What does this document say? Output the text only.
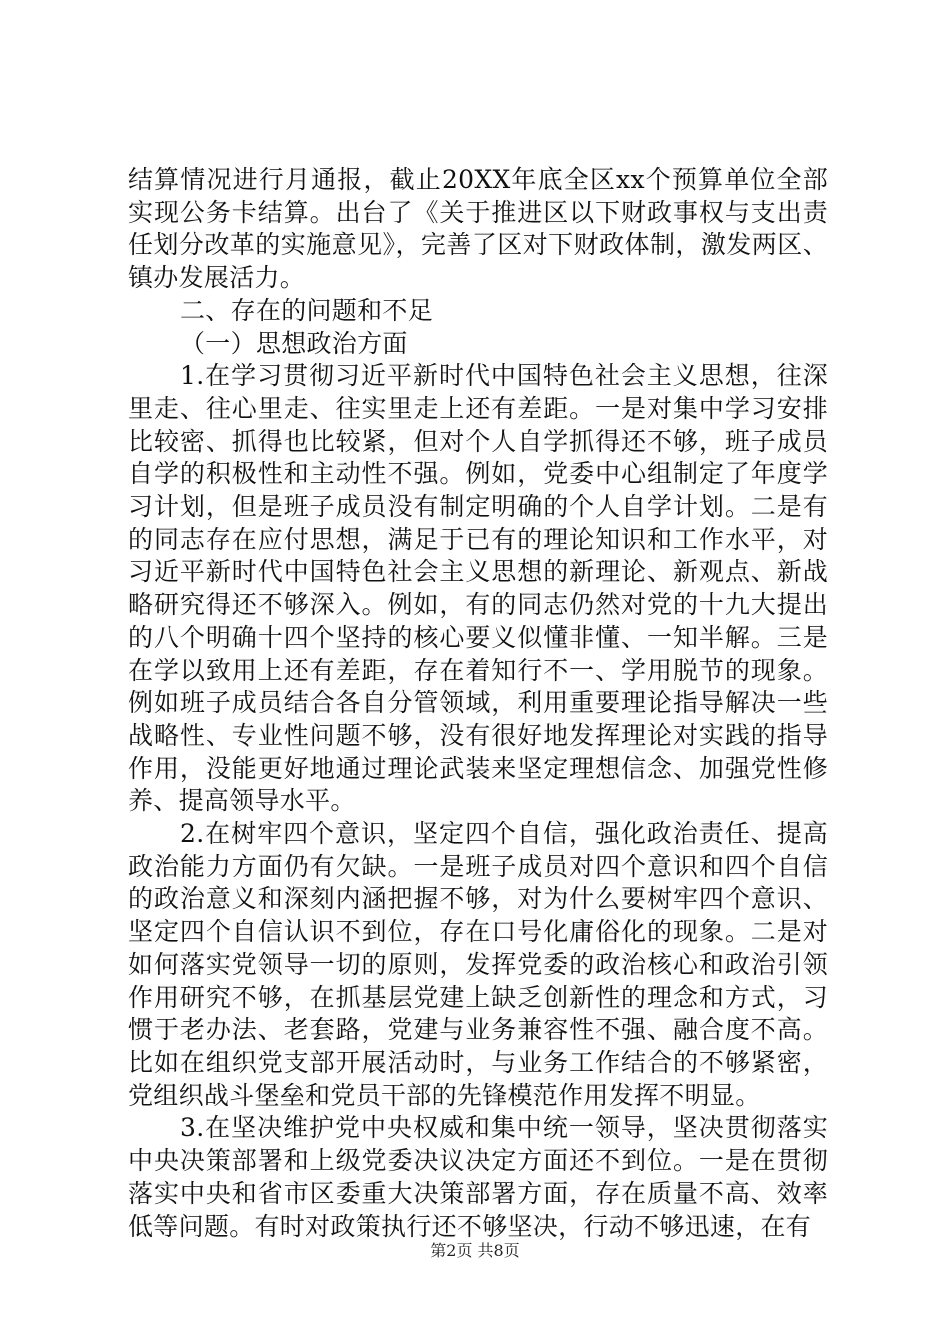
结算情况进行月通报，截止20XX年底全区xx个预算单位全部实现公务卡结算。出台了《关于推进区以下财政事权与支出责任划分改革的实施意见》，完善了区对下财政体制，激发两区、镇办发展活力。

二、存在的问题和不足

（一）思想政治方面

1.在学习贯彻习近平新时代中国特色社会主义思想，往深里走、往心里走、往实里走上还有差距。一是对集中学习安排比较密、抓得也比较紧，但对个人自学抓得还不够，班子成员自学的积极性和主动性不强。例如，党委中心组制定了年度学习计划，但是班子成员没有制定明确的个人自学计划。二是有的同志存在应付思想，满足于已有的理论知识和工作水平，对习近平新时代中国特色社会主义思想的新理论、新观点、新战略研究得还不够深入。例如，有的同志仍然对党的十九大提出的八个明确十四个坚持的核心要义似懂非懂、一知半解。三是在学以致用上还有差距，存在着知行不一、学用脱节的现象。例如班子成员结合各自分管领域，利用重要理论指导解决一些战略性、专业性问题不够，没有很好地发挥理论对实践的指导作用，没能更好地通过理论武装来坚定理想信念、加强党性修养、提高领导水平。

2.在树牢四个意识，坚定四个自信，强化政治责任、提高政治能力方面仍有欠缺。一是班子成员对四个意识和四个自信的政治意义和深刻内涵把握不够，对为什么要树牢四个意识、坚定四个自信认识不到位，存在口号化庸俗化的现象。二是对如何落实党领导一切的原则，发挥党委的政治核心和政治引领作用研究不够，在抓基层党建上缺乏创新性的理念和方式，习惯于老办法、老套路，党建与业务兼容性不强、融合度不高。比如在组织党支部开展活动时，与业务工作结合的不够紧密，党组织战斗堡垒和党员干部的先锋模范作用发挥不明显。

3.在坚决维护党中央权威和集中统一领导，坚决贯彻落实中央决策部署和上级党委决议决定方面还不到位。一是在贯彻落实中央和省市区委重大决策部署方面，存在质量不高、效率低等问题。有时对政策执行还不够坚决，行动不够迅速，在有

第2页 共8页
